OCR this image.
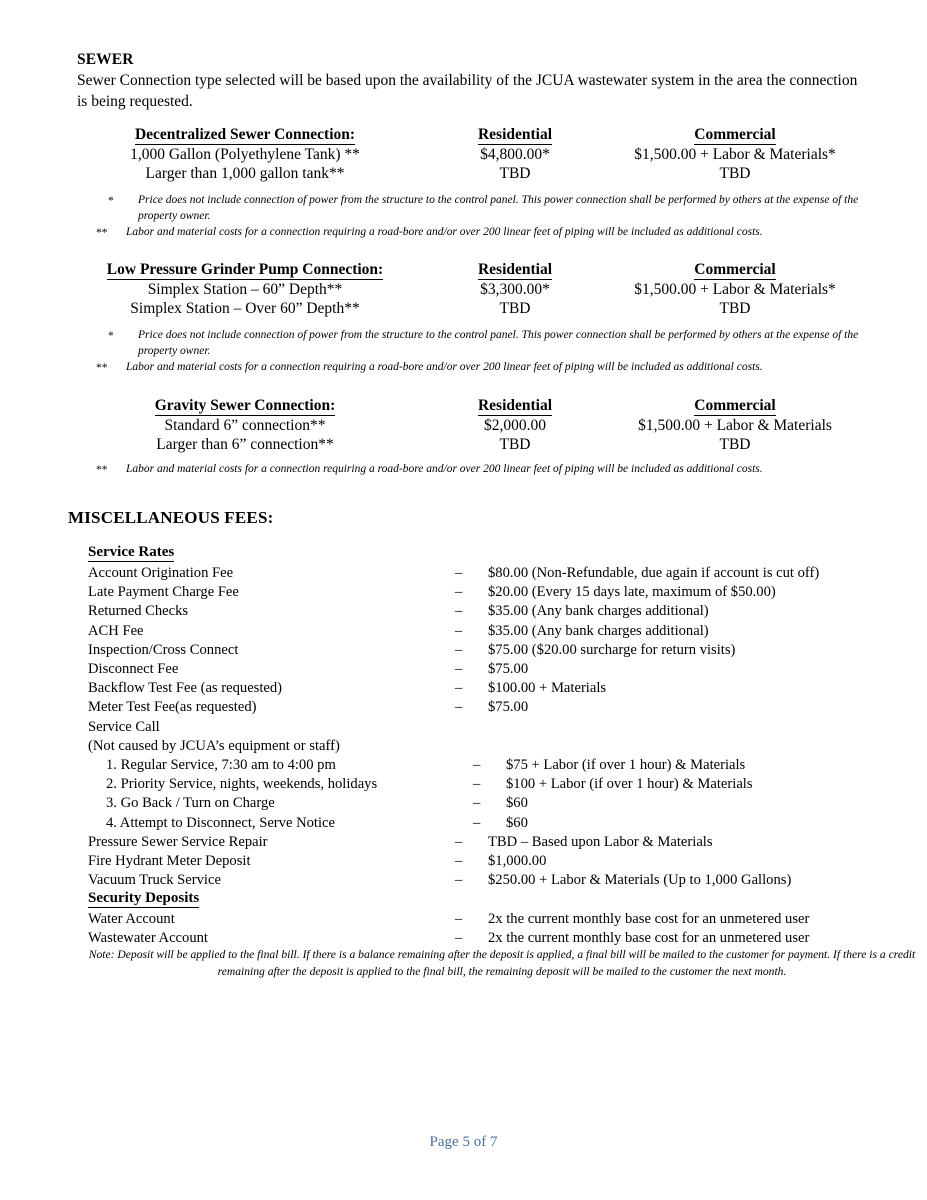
SEWER
Sewer Connection type selected will be based upon the availability of the JCUA wastewater system in the area the connection is being requested.
Decentralized Sewer Connection:	Residential	Commercial
1,000 Gallon (Polyethylene Tank) **	$4,800.00*	$1,500.00 + Labor & Materials*
Larger than 1,000 gallon tank**	TBD	TBD
*	Price does not include connection of power from the structure to the control panel. This power connection shall be performed by others at the expense of the property owner.
**	Labor and material costs for a connection requiring a road-bore and/or over 200 linear feet of piping will be included as additional costs.
Low Pressure Grinder Pump Connection:	Residential	Commercial
Simplex Station – 60” Depth**	$3,300.00*	$1,500.00 + Labor & Materials*
Simplex Station – Over 60” Depth**	TBD	TBD
*	Price does not include connection of power from the structure to the control panel. This power connection shall be performed by others at the expense of the property owner.
**	Labor and material costs for a connection requiring a road-bore and/or over 200 linear feet of piping will be included as additional costs.
Gravity Sewer Connection:	Residential	Commercial
Standard 6” connection**	$2,000.00	$1,500.00 + Labor & Materials
Larger than 6” connection**	TBD	TBD
**	Labor and material costs for a connection requiring a road-bore and/or over 200 linear feet of piping will be included as additional costs.
MISCELLANEOUS FEES:
Service Rates
Account Origination Fee	–	$80.00 (Non-Refundable, due again if account is cut off)
Late Payment Charge Fee	–	$20.00 (Every 15 days late, maximum of $50.00)
Returned Checks	–	$35.00 (Any bank charges additional)
ACH Fee	–	$35.00 (Any bank charges additional)
Inspection/Cross Connect	–	$75.00 ($20.00 surcharge for return visits)
Disconnect Fee	–	$75.00
Backflow Test Fee (as requested)	–	$100.00 + Materials
Meter Test Fee(as requested)	–	$75.00
Service Call
(Not caused by JCUA’s equipment or staff)
1. Regular Service, 7:30 am to 4:00 pm	–	$75 + Labor (if over 1 hour) & Materials
2. Priority Service, nights, weekends, holidays	–	$100 + Labor (if over 1 hour) & Materials
3. Go Back / Turn on Charge	–	$60
4. Attempt to Disconnect, Serve Notice	–	$60
Pressure Sewer Service Repair	–	TBD – Based upon Labor & Materials
Fire Hydrant Meter Deposit	–	$1,000.00
Vacuum Truck Service	–	$250.00 + Labor & Materials (Up to 1,000 Gallons)
Security Deposits
Water Account	–	2x the current monthly base cost for an unmetered user
Wastewater Account	–	2x the current monthly base cost for an unmetered user
Note: Deposit will be applied to the final bill. If there is a balance remaining after the deposit is applied, a final bill will be mailed to the customer for payment. If there is a credit remaining after the deposit is applied to the final bill, the remaining deposit will be mailed to the customer the next month.
Page 5 of 7
